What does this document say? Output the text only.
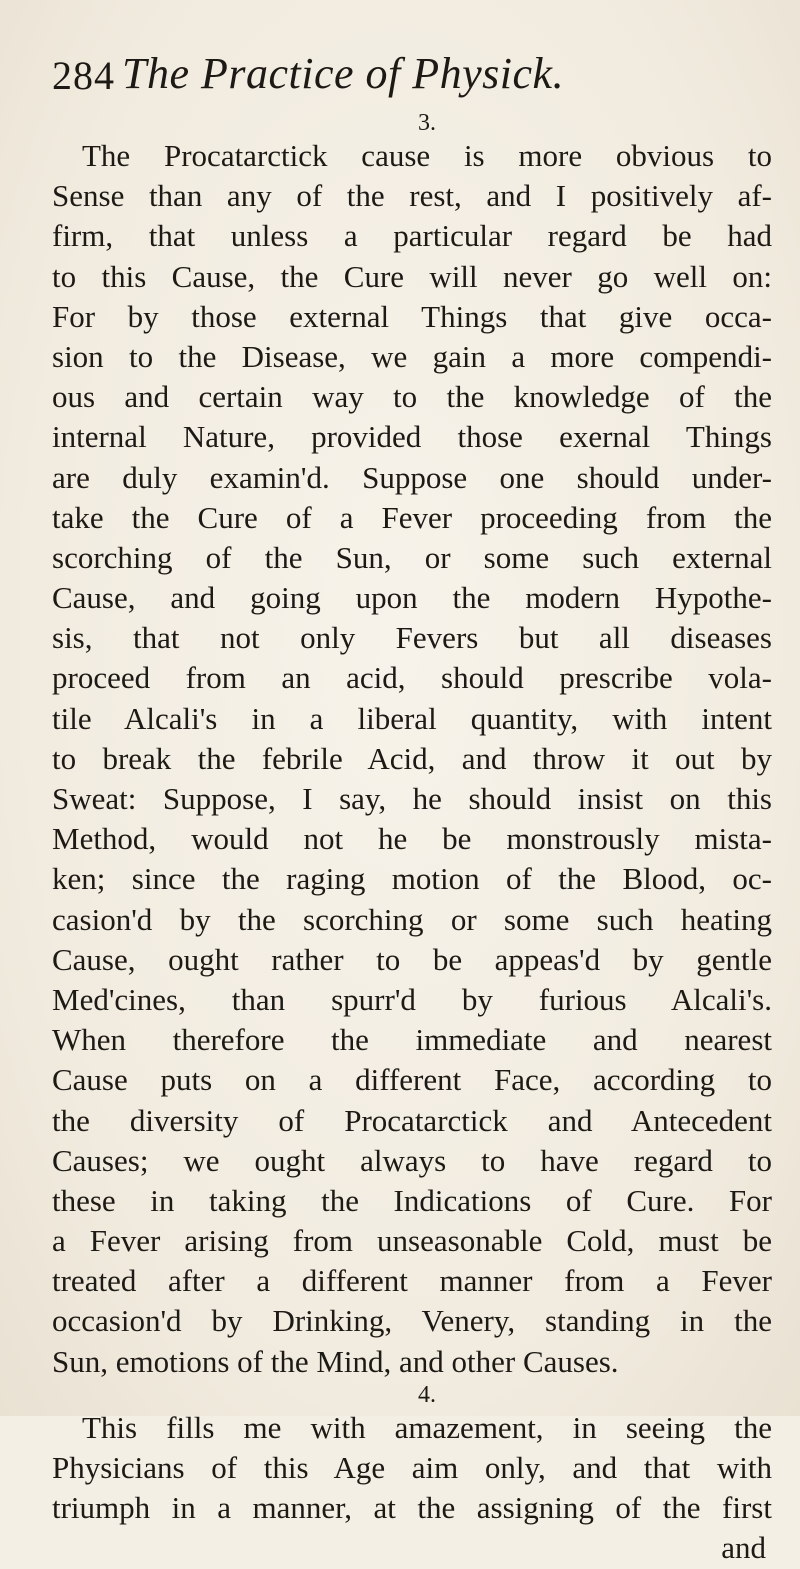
284 The Practice of Physick.
3.
The Procatarctick cause is more obvious to
Sense than any of the rest, and I positively af-
firm, that unless a particular regard be had
to this Cause, the Cure will never go well on:
For by those external Things that give occa-
sion to the Disease, we gain a more compendi-
ous and certain way to the knowledge of the
internal Nature, provided those exernal Things
are duly examin'd. Suppose one should under-
take the Cure of a Fever proceeding from the
scorching of the Sun, or some such external
Cause, and going upon the modern Hypothe-
sis, that not only Fevers but all diseases
proceed from an acid, should prescribe vola-
tile Alcali's in a liberal quantity, with intent
to break the febrile Acid, and throw it out by
Sweat: Suppose, I say, he should insist on this
Method, would not he be monstrously mista-
ken; since the raging motion of the Blood, oc-
casion'd by the scorching or some such heating
Cause, ought rather to be appeas'd by gentle
Med'cines, than spurr'd by furious Alcali's.
When therefore the immediate and nearest
Cause puts on a different Face, according to
the diversity of Procatarctick and Antecedent
Causes; we ought always to have regard to
these in taking the Indications of Cure. For
a Fever arising from unseasonable Cold, must be
treated after a different manner from a Fever
occasion'd by Drinking, Venery, standing in the
Sun, emotions of the Mind, and other Causes.
4.
This fills me with amazement, in seeing the
Physicians of this Age aim only, and that with
triumph in a manner, at the assigning of the first
and
